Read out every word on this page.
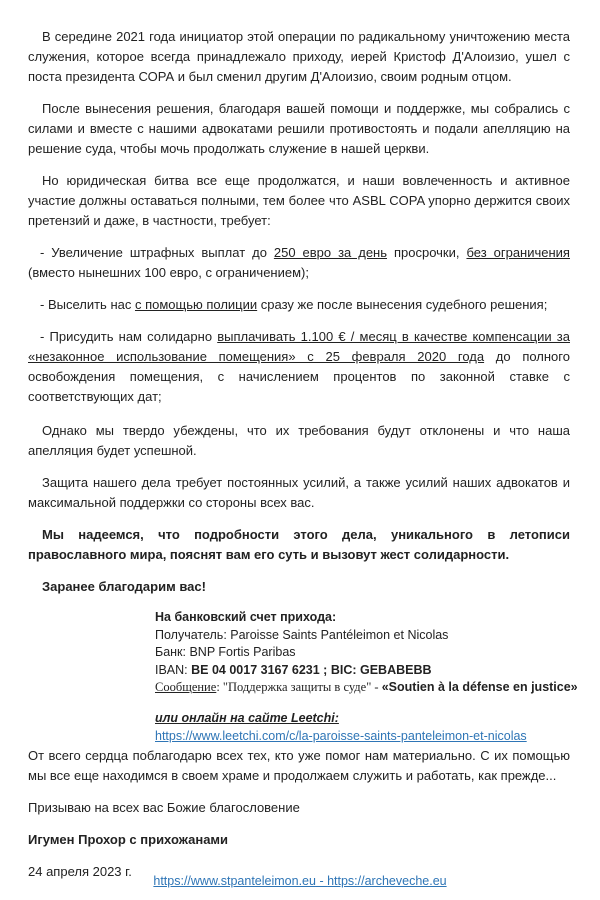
В середине 2021 года инициатор этой операции по радикальному уничтожению места служения, которое всегда принадлежало приходу, иерей Кристоф Д'Алоизио, ушел с поста президента СОРА и был сменил другим Д'Алоизио, своим родным отцом.

После вынесения решения, благодаря вашей помощи и поддержке, мы собрались с силами и вместе с нашими адвокатами решили противостоять и подали апелляцию на решение суда, чтобы мочь продолжать служение в нашей церкви.

Но юридическая битва все еще продолжатся, и наши вовлеченность и активное участие должны оставаться полными, тем более что ASBL COPA упорно держится своих претензий и даже, в частности, требует:

- Увеличение штрафных выплат до 250 евро за день просрочки, без ограничения (вместо нынешних 100 евро, с ограничением);

- Выселить нас с помощью полиции сразу же после вынесения судебного решения;

- Присудить нам солидарно выплачивать 1.100 € / месяц в качестве компенсации за «незаконное использование помещения» с 25 февраля 2020 года до полного освобождения помещения, с начислением процентов по законной ставке с соответствующих дат;

Однако мы твердо убеждены, что их требования будут отклонены и что наша апелляция будет успешной.

Защита нашего дела требует постоянных усилий, а также усилий наших адвокатов и максимальной поддержки со стороны всех вас.

Мы надеемся, что подробности этого дела, уникального в летописи православного мира, пояснят вам его суть и вызовут жест солидарности.

Заранее благодарим вас!

На банковский счет прихода:
Получатель: Paroisse Saints Pantéleimon et Nicolas
Банк: BNP Fortis Paribas
IBAN: BE 04 0017 3167 6231 ; BIC: GEBABEBB
Сообщение: "Поддержка защиты в суде" - «Soutien à la défense en justice»
или онлайн на сайте Leetchi:
https://www.leetchi.com/c/la-paroisse-saints-panteleimon-et-nicolas

От всего сердца поблагодарю всех тех, кто уже помог нам материально. С их помощью мы все еще находимся в своем храме и продолжаем служить и работать, как прежде...

Призываю на всех вас Божие благословение

Игумен Прохор с прихожанами

24 апреля 2023 г.

https://www.stpanteleimon.eu - https://archeveche.eu
